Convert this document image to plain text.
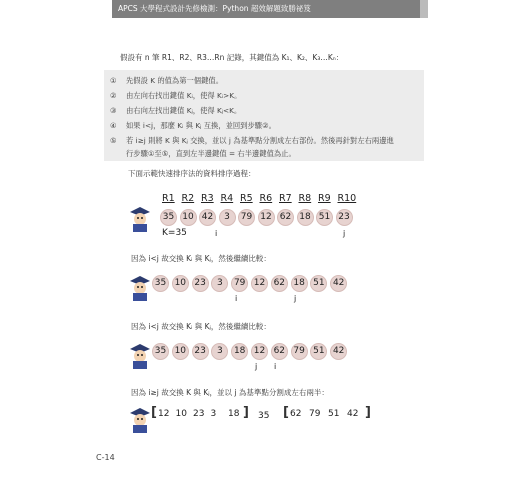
APCS 大學程式設計先修檢測：Python 超效解題致勝祕笈
假設有 n 筆 R1、R2、R3…Rn 記錄，其鍵值為 K₁、K₂、K₃…Kₙ：
① 先假設 K 的值為第一個鍵值。
② 由左向右找出鍵值 Kᵢ，使得 Kᵢ>K。
③ 由右向左找出鍵值 Kⱼ，使得 Kⱼ<K。
④ 如果 i<j，那麼 Kᵢ 與 Kⱼ 互換，並回到步驟②。
⑤ 若 i≥j 則將 K 與 Kⱼ 交換，並以 j 為基準點分割成左右部份。然後再針對左右兩邊進
行步驟①至⑤，直到左半邊鍵值 = 右半邊鍵值為止。
下面示範快速排序法的資料排序過程：
R1 R2 R3 R4 R5 R6 R7 R8 R9 R10
35 10 42	3	79 12 62 18 51 23
K=35	i	j
因為 i<j 故交換 Kᵢ 與 Kⱼ，然後繼續比較：
35 10 23	3	79 12 62 18 51 42
i	j
因為 i<j 故交換 Kᵢ 與 Kⱼ，然後繼續比較：
35 10 23	3	18 12 62 79 51 42
j i
因為 i≥j 故交換 K 與 Kⱼ，並以 j 為基準點分割成左右兩半：
[ 12 10 23 3 18 ] 35 [ 62 79 51 42 ]
C-14
